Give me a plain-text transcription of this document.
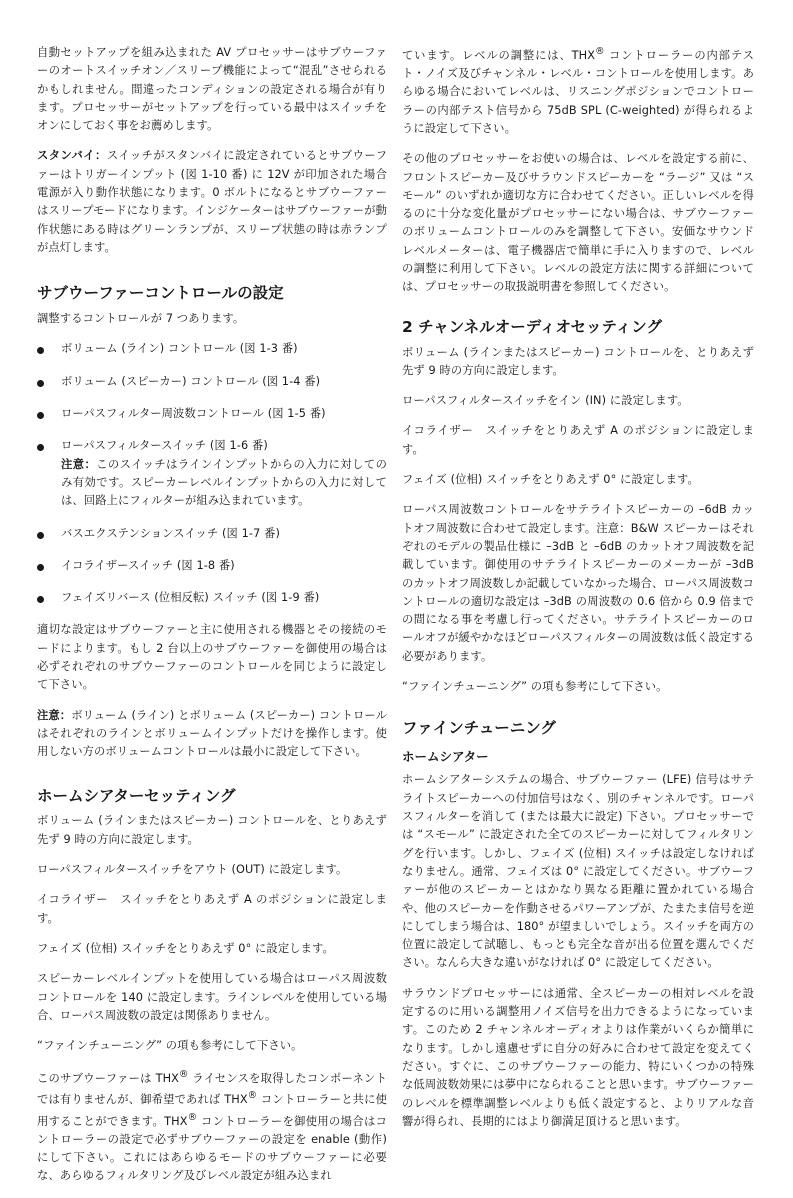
自動セットアップを組み込まれた AV プロセッサーはサブウーファーのオートスイッチオン／スリープ機能によって“混乱”させられるかもしれません。間違ったコンディションの設定される場合が有ります。プロセッサーがセットアップを行っている最中はスイッチをオンにしておく事をお薦めします。

スタンバイ：スイッチがスタンバイに設定されているとサブウーファーはトリガーインプット (図 1-10 番) に 12V が印加された場合電源が入り動作状態になります。0 ボルトになるとサブウーファーはスリープモードになります。インジケーターはサブウーファーが動作状態にある時はグリーンランプが、スリープ状態の時は赤ランプが点灯します。

サブウーファーコントロールの設定

調整するコントロールが 7 つあります。

ボリューム (ライン) コントロール (図 1-3 番)
ボリューム (スピーカー) コントロール (図 1-4 番)
ローパスフィルター周波数コントロール (図 1-5 番)
ローパスフィルタースイッチ (図 1-6 番)
注意：このスイッチはラインインプットからの入力に対してのみ有効です。スピーカーレベルインプットからの入力に対しては、回路上にフィルターが組み込まれています。
バスエクステンションスイッチ (図 1-7 番)
イコライザースイッチ (図 1-8 番)
フェイズリバース (位相反転) スイッチ (図 1-9 番)

適切な設定はサブウーファーと主に使用される機器とその接続のモードによります。もし 2 台以上のサブウーファーを御使用の場合は必ずそれぞれのサブウーファーのコントロールを同じように設定して下さい。

注意：ボリューム (ライン) とボリューム (スピーカー) コントロールはそれぞれのラインとボリュームインプットだけを操作します。使用しない方のボリュームコントロールは最小に設定して下さい。

ホームシアターセッティング

ボリューム (ラインまたはスピーカー) コントロールを、とりあえず先ず 9 時の方向に設定します。

ローパスフィルタースイッチをアウト (OUT) に設定します。

イコライザー　スイッチをとりあえず A のポジションに設定します。

フェイズ (位相) スイッチをとりあえず 0° に設定します。

スピーカーレベルインプットを使用している場合はローパス周波数コントロールを 140 に設定します。ラインレベルを使用している場合、ローパス周波数の設定は関係ありません。

“ファインチューニング” の項も参考にして下さい。

このサブウーファーは THX® ライセンスを取得したコンポーネントでは有りませんが、御希望であれば THX® コントローラーと共に使用することができます。THX® コントローラーを御使用の場合はコントローラーの設定で必ずサブウーファーの設定を enable (動作) にして下さい。これにはあらゆるモードのサブウーファーに必要な、あらゆるフィルタリング及びレベル設定が組み込まれ

ています。レベルの調整には、THX® コントローラーの内部テスト・ノイズ及びチャンネル・レベル・コントロールを使用します。あらゆる場合においてレベルは、リスニングポジションでコントローラーの内部テスト信号から 75dB SPL (C-weighted) が得られるように設定して下さい。

その他のプロセッサーをお使いの場合は、レベルを設定する前に、フロントスピーカー及びサラウンドスピーカーを “ラージ” 又は “スモール” のいずれか適切な方に合わせてください。正しいレベルを得るのに十分な変化量がプロセッサーにない場合は、サブウーファーのボリュームコントロールのみを調整して下さい。安価なサウンドレベルメーターは、電子機器店で簡単に手に入りますので、レベルの調整に利用して下さい。レベルの設定方法に関する詳細については、プロセッサーの取扱説明書を参照してください。

2 チャンネルオーディオセッティング

ボリューム (ラインまたはスピーカー) コントロールを、とりあえず先ず 9 時の方向に設定します。

ローパスフィルタースイッチをイン (IN) に設定します。

イコライザー　スイッチをとりあえず A のポジションに設定します。

フェイズ (位相) スイッチをとりあえず 0° に設定します。

ローパス周波数コントロールをサテライトスピーカーの –6dB カットオフ周波数に合わせて設定します。注意：B&W スピーカーはそれぞれのモデルの製品仕様に –3dB と –6dB のカットオフ周波数を記載しています。御使用のサテライトスピーカーのメーカーが –3dB のカットオフ周波数しか記載していなかった場合、ローパス周波数コントロールの適切な設定は –3dB の周波数の 0.6 倍から 0.9 倍までの間になる事を考慮し行ってください。サテライトスピーカーのロールオフが緩やかなほどローパスフィルターの周波数は低く設定する必要があります。

“ファインチューニング” の項も参考にして下さい。

ファインチューニング
ホームシアター

ホームシアターシステムの場合、サブウーファー (LFE) 信号はサテライトスピーカーへの付加信号はなく、別のチャンネルです。ローパスフィルターを消して (または最大に設定) 下さい。プロセッサーでは “スモール” に設定された全てのスピーカーに対してフィルタリングを行います。しかし、フェイズ (位相) スイッチは設定しなければなりません。通常、フェイズは 0° に設定してください。サブウーファーが他のスピーカーとはかなり異なる距離に置かれている場合や、他のスピーカーを作動させるパワーアンプが、たまたま信号を逆にしてしまう場合は、180° が望ましいでしょう。スイッチを両方の位置に設定して試聴し、もっとも完全な音が出る位置を選んでください。なんら大きな違いがなければ 0° に設定してください。

サラウンドプロセッサーには通常、全スピーカーの相対レベルを設定するのに用いる調整用ノイズ信号を出力できるようになっています。このため 2 チャンネルオーディオよりは作業がいくらか簡単になります。しかし遠慮せずに自分の好みに合わせて設定を変えてください。すぐに、このサブウーファーの能力、特にいくつかの特殊な低周波数効果には夢中になられることと思います。サブウーファーのレベルを標準調整レベルよりも低く設定すると、よりリアルな音響が得られ、長期的にはより御満足頂けると思います。
